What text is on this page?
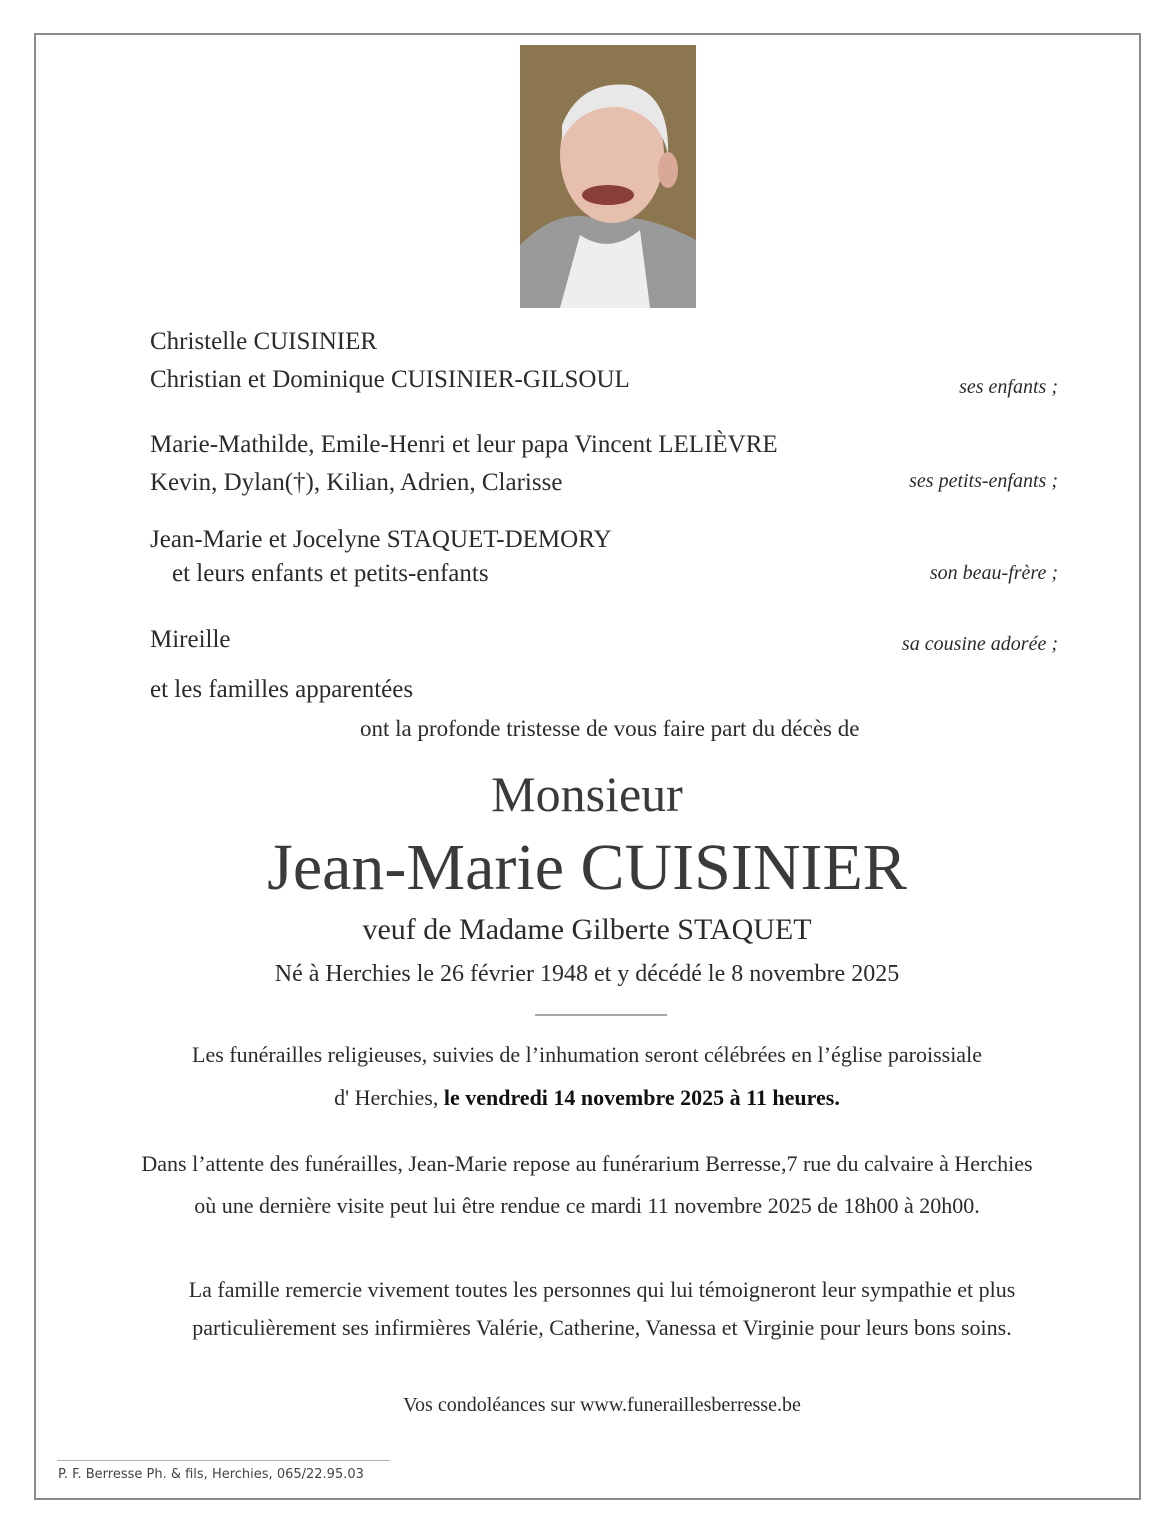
Christelle CUISINIER
Christian et Dominique CUISINIER-GILSOUL	ses enfants ;
Marie-Mathilde, Emile-Henri et leur papa Vincent LELIÈVRE
Kevin, Dylan(†), Kilian, Adrien, Clarisse	ses petits-enfants ;
Jean-Marie et Jocelyne STAQUET-DEMORY
et leurs enfants et petits-enfants	son beau-frère ;
Mireille	sa cousine adorée ;
et les familles apparentées
ont la profonde tristesse de vous faire part du décès de
Monsieur
Jean-Marie CUISINIER
veuf de Madame Gilberte STAQUET
Né à Herchies le 26 février 1948 et y décédé le 8 novembre 2025
Les funérailles religieuses, suivies de l’inhumation seront célébrées en l’église paroissiale
d' Herchies, le vendredi 14 novembre 2025 à 11 heures.
Dans l’attente des funérailles, Jean-Marie repose au funérarium Berresse,7 rue du calvaire à Herchies
où une dernière visite peut lui être rendue ce mardi 11 novembre 2025 de 18h00 à 20h00.
La famille remercie vivement toutes les personnes qui lui témoigneront leur sympathie et plus
particulièrement ses infirmières Valérie, Catherine, Vanessa et Virginie pour leurs bons soins.
Vos condoléances sur www.funeraillesberresse.be
P. F. Berresse Ph. & fils, Herchies, 065/22.95.03
